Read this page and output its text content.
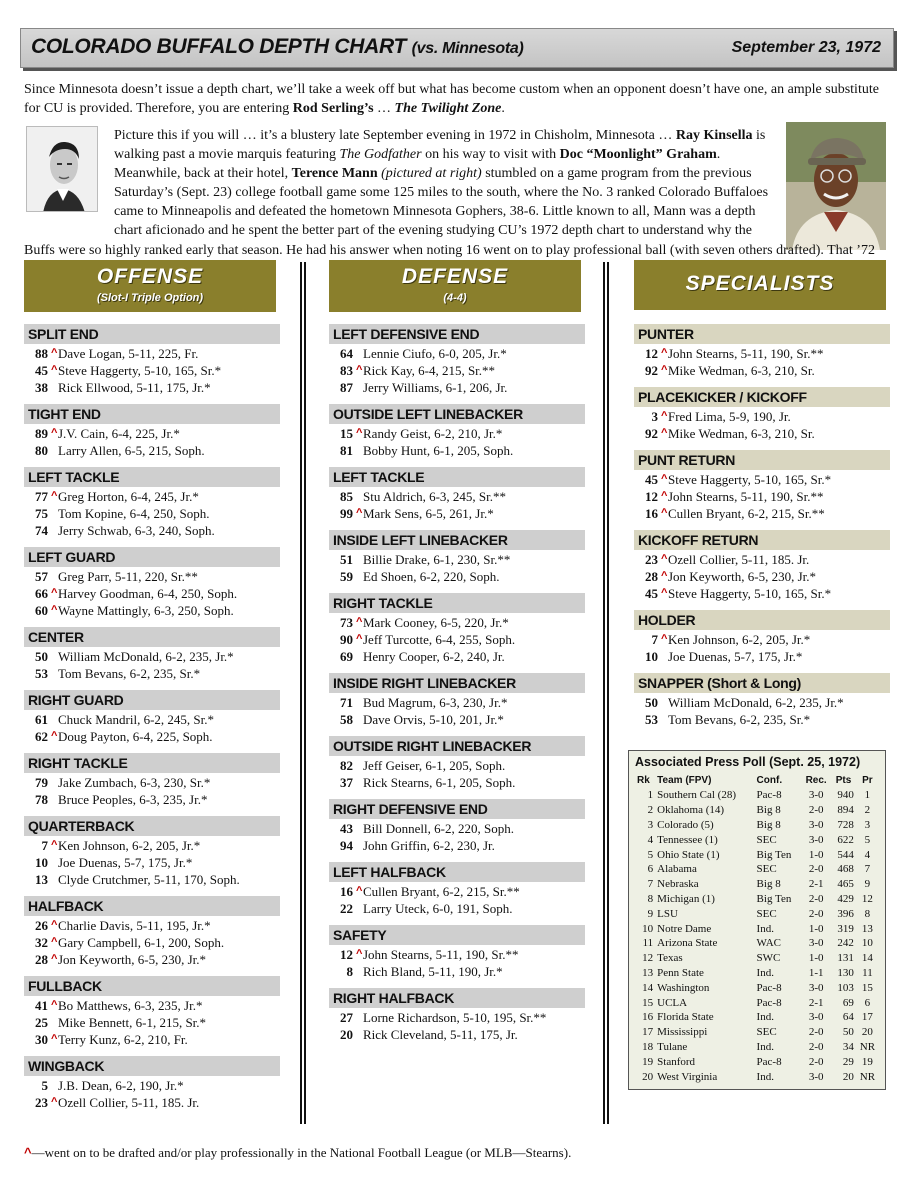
COLORADO BUFFALO DEPTH CHART (vs. Minnesota)	September 23, 1972
Since Minnesota doesn’t issue a depth chart, we’ll take a week off but what has become custom when an opponent doesn’t have one, an ample substitute for CU is provided. Therefore, you are entering Rod Serling’s … The Twilight Zone.
Picture this if you will … it’s a blustery late September evening in 1972 in Chisholm, Minnesota … Ray Kinsella is walking past a movie marquis featuring The Godfather on his way to visit with Doc “Moonlight” Graham. Meanwhile, back at their hotel, Terence Mann (pictured at right) stumbled on a game program from the previous Saturday’s (Sept. 23) college football game some 125 miles to the south, where the No. 3 ranked Colorado Buffaloes came to Minneapolis and defeated the hometown Minnesota Gophers, 38-6. Little known to all, Mann was a depth chart aficionado and he spent the better part of the evening studying CU’s 1972 depth chart to understand why the Buffs were so highly ranked early that season. He had his answer when noting 16 went on to play professional ball (with seven others drafted). That ’72
OFFENSE
(Slot-I Triple Option)
DEFENSE
(4-4)
SPECIALISTS
SPLIT END
88 ^Dave Logan, 5-11, 225, Fr.
45 ^Steve Haggerty, 5-10, 165, Sr.*
38 Rick Ellwood, 5-11, 175, Jr.*
TIGHT END
89 ^J.V. Cain, 6-4, 225, Jr.*
80 Larry Allen, 6-5, 215, Soph.
LEFT TACKLE
77 ^Greg Horton, 6-4, 245, Jr.*
75 Tom Kopine, 6-4, 250, Soph.
74 Jerry Schwab, 6-3, 240, Soph.
LEFT GUARD
57 Greg Parr, 5-11, 220, Sr.**
66 ^Harvey Goodman, 6-4, 250, Soph.
60 ^Wayne Mattingly, 6-3, 250, Soph.
CENTER
50 William McDonald, 6-2, 235, Jr.*
53 Tom Bevans, 6-2, 235, Sr.*
RIGHT GUARD
61 Chuck Mandril, 6-2, 245, Sr.*
62 ^Doug Payton, 6-4, 225, Soph.
RIGHT TACKLE
79 Jake Zumbach, 6-3, 230, Sr.*
78 Bruce Peoples, 6-3, 235, Jr.*
QUARTERBACK
7 ^Ken Johnson, 6-2, 205, Jr.*
10 Joe Duenas, 5-7, 175, Jr.*
13 Clyde Crutchmer, 5-11, 170, Soph.
HALFBACK
26 ^Charlie Davis, 5-11, 195, Jr.*
32 ^Gary Campbell, 6-1, 200, Soph.
28 ^Jon Keyworth, 6-5, 230, Jr.*
FULLBACK
41 ^Bo Matthews, 6-3, 235, Jr.*
25 Mike Bennett, 6-1, 215, Sr.*
30 ^Terry Kunz, 6-2, 210, Fr.
WINGBACK
5 J.B. Dean, 6-2, 190, Jr.*
23 ^Ozell Collier, 5-11, 185. Jr.
LEFT DEFENSIVE END
64 Lennie Ciufo, 6-0, 205, Jr.*
83 ^Rick Kay, 6-4, 215, Sr.**
87 Jerry Williams, 6-1, 206, Jr.
OUTSIDE LEFT LINEBACKER
15 ^Randy Geist, 6-2, 210, Jr.*
81 Bobby Hunt, 6-1, 205, Soph.
LEFT TACKLE
85 Stu Aldrich, 6-3, 245, Sr.**
99 ^Mark Sens, 6-5, 261, Jr.*
INSIDE LEFT LINEBACKER
51 Billie Drake, 6-1, 230, Sr.**
59 Ed Shoen, 6-2, 220, Soph.
RIGHT TACKLE
73 ^Mark Cooney, 6-5, 220, Jr.*
90 ^Jeff Turcotte, 6-4, 255, Soph.
69 Henry Cooper, 6-2, 240, Jr.
INSIDE RIGHT LINEBACKER
71 Bud Magrum, 6-3, 230, Jr.*
58 Dave Orvis, 5-10, 201, Jr.*
OUTSIDE RIGHT LINEBACKER
82 Jeff Geiser, 6-1, 205, Soph.
37 Rick Stearns, 6-1, 205, Soph.
RIGHT DEFENSIVE END
43 Bill Donnell, 6-2, 220, Soph.
94 John Griffin, 6-2, 230, Jr.
LEFT HALFBACK
16 ^Cullen Bryant, 6-2, 215, Sr.**
22 Larry Uteck, 6-0, 191, Soph.
SAFETY
12 ^John Stearns, 5-11, 190, Sr.**
8 Rich Bland, 5-11, 190, Jr.*
RIGHT HALFBACK
27 Lorne Richardson, 5-10, 195, Sr.**
20 Rick Cleveland, 5-11, 175, Jr.
PUNTER
12 ^John Stearns, 5-11, 190, Sr.**
92 ^Mike Wedman, 6-3, 210, Sr.
PLACEKICKER / KICKOFF
3 ^Fred Lima, 5-9, 190, Jr.
92 ^Mike Wedman, 6-3, 210, Sr.
PUNT RETURN
45 ^Steve Haggerty, 5-10, 165, Sr.*
12 ^John Stearns, 5-11, 190, Sr.**
16 ^Cullen Bryant, 6-2, 215, Sr.**
KICKOFF RETURN
23 ^Ozell Collier, 5-11, 185. Jr.
28 ^Jon Keyworth, 6-5, 230, Jr.*
45 ^Steve Haggerty, 5-10, 165, Sr.*
HOLDER
7 ^Ken Johnson, 6-2, 205, Jr.*
10 Joe Duenas, 5-7, 175, Jr.*
SNAPPER (Short & Long)
50 William McDonald, 6-2, 235, Jr.*
53 Tom Bevans, 6-2, 235, Sr.*
Associated Press Poll (Sept. 25, 1972)
Rk	Team (FPV)	Conf.	Rec.	Pts	Pr
1	Southern Cal (28)	Pac-8	3-0	940	1
2	Oklahoma (14)	Big 8	2-0	894	2
3	Colorado (5)	Big 8	3-0	728	3
4	Tennessee (1)	SEC	3-0	622	5
5	Ohio State (1)	Big Ten	1-0	544	4
6	Alabama	SEC	2-0	468	7
7	Nebraska	Big 8	2-1	465	9
8	Michigan (1)	Big Ten	2-0	429	12
9	LSU	SEC	2-0	396	8
10	Notre Dame	Ind.	1-0	319	13
11	Arizona State	WAC	3-0	242	10
12	Texas	SWC	1-0	131	14
13	Penn State	Ind.	1-1	130	11
14	Washington	Pac-8	3-0	103	15
15	UCLA	Pac-8	2-1	69	6
16	Florida State	Ind.	3-0	64	17
17	Mississippi	SEC	2-0	50	20
18	Tulane	Ind.	2-0	34	NR
19	Stanford	Pac-8	2-0	29	19
20	West Virginia	Ind.	3-0	20	NR
^—went on to be drafted and/or play professionally in the National Football League (or MLB—Stearns).
